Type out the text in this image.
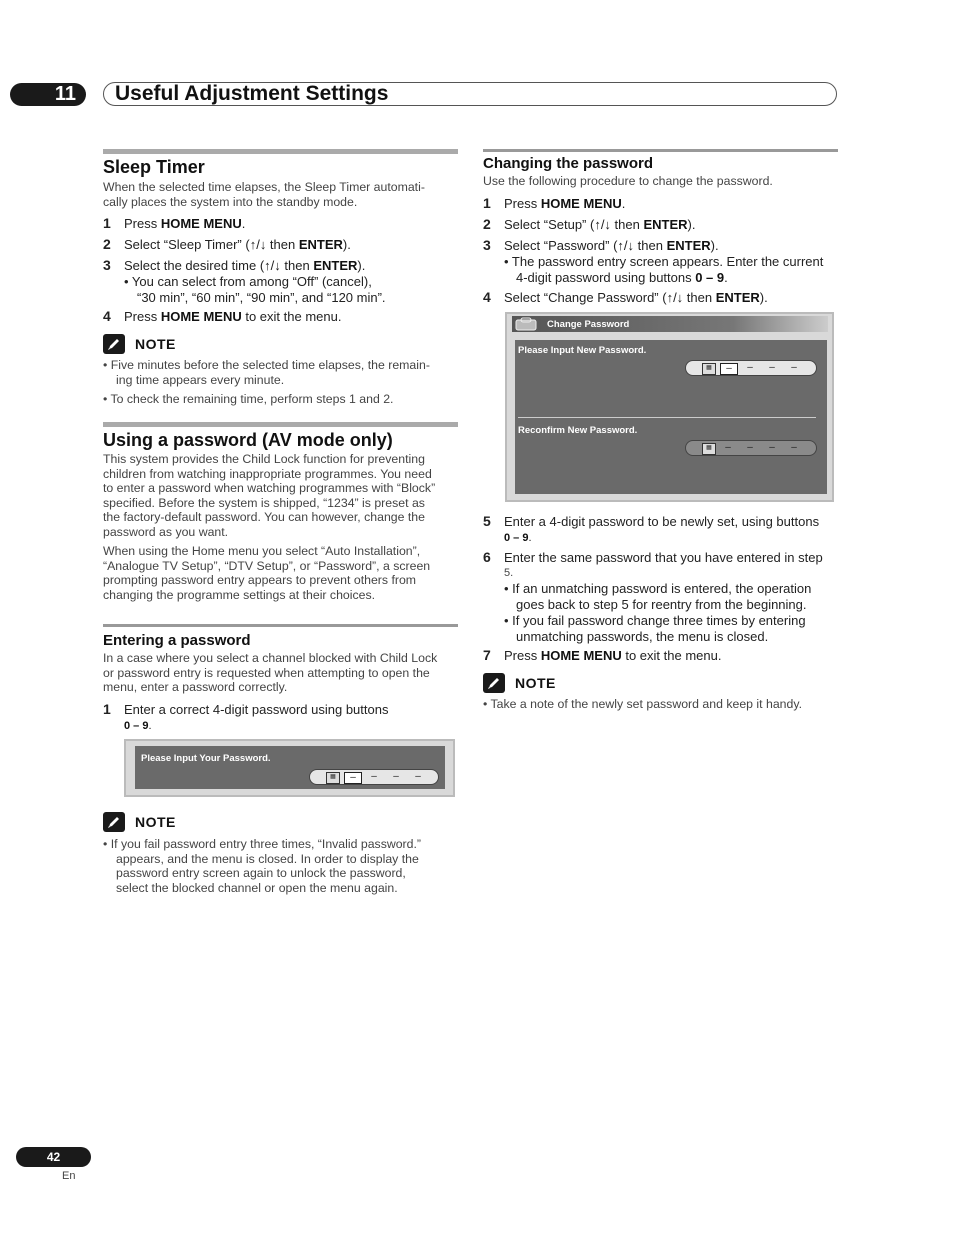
11	Useful Adjustment Settings
Sleep Timer
When the selected time elapses, the Sleep Timer automati-
cally places the system into the standby mode.
1 Press HOME MENU.
2 Select “Sleep Timer” (↑/↓ then ENTER).
3 Select the desired time (↑/↓ then ENTER).
• You can select from among “Off” (cancel),
“30 min”, “60 min”, “90 min”, and “120 min”.
4 Press HOME MENU to exit the menu.
NOTE
• Five minutes before the selected time elapses, the remain-
ing time appears every minute.
• To check the remaining time, perform steps 1 and 2.
Using a password (AV mode only)
This system provides the Child Lock function for preventing
children from watching inappropriate programmes. You need
to enter a password when watching programmes with “Block”
specified. Before the system is shipped, “1234” is preset as
the factory-default password. You can however, change the
password as you want.
When using the Home menu you select “Auto Installation”,
“Analogue TV Setup”, “DTV Setup”, or “Password”, a screen
prompting password entry appears to prevent others from
changing the programme settings at their choices.
Entering a password
In a case where you select a channel blocked with Child Lock
or password entry is requested when attempting to open the
menu, enter a password correctly.
1 Enter a correct 4-digit password using buttons
0 – 9.
Please Input Your Password.
▦	–	–	–	–
NOTE
• If you fail password entry three times, “Invalid password.”
appears, and the menu is closed. In order to display the
password entry screen again to unlock the password,
select the blocked channel or open the menu again.
Changing the password
Use the following procedure to change the password.
1 Press HOME MENU.
2 Select “Setup” (↑/↓ then ENTER).
3 Select “Password” (↑/↓ then ENTER).
• The password entry screen appears. Enter the current
4-digit password using buttons 0 – 9.
4 Select “Change Password” (↑/↓ then ENTER).
Change Password
Please Input New Password.
▦	–	–	–	–
Reconfirm New Password.
▦	–	–	–	–
5 Enter a 4-digit password to be newly set, using buttons
0 – 9.
6 Enter the same password that you have entered in step
5.
• If an unmatching password is entered, the operation
goes back to step 5 for reentry from the beginning.
• If you fail password change three times by entering
unmatching passwords, the menu is closed.
7 Press HOME MENU to exit the menu.
NOTE
• Take a note of the newly set password and keep it handy.
42
En
